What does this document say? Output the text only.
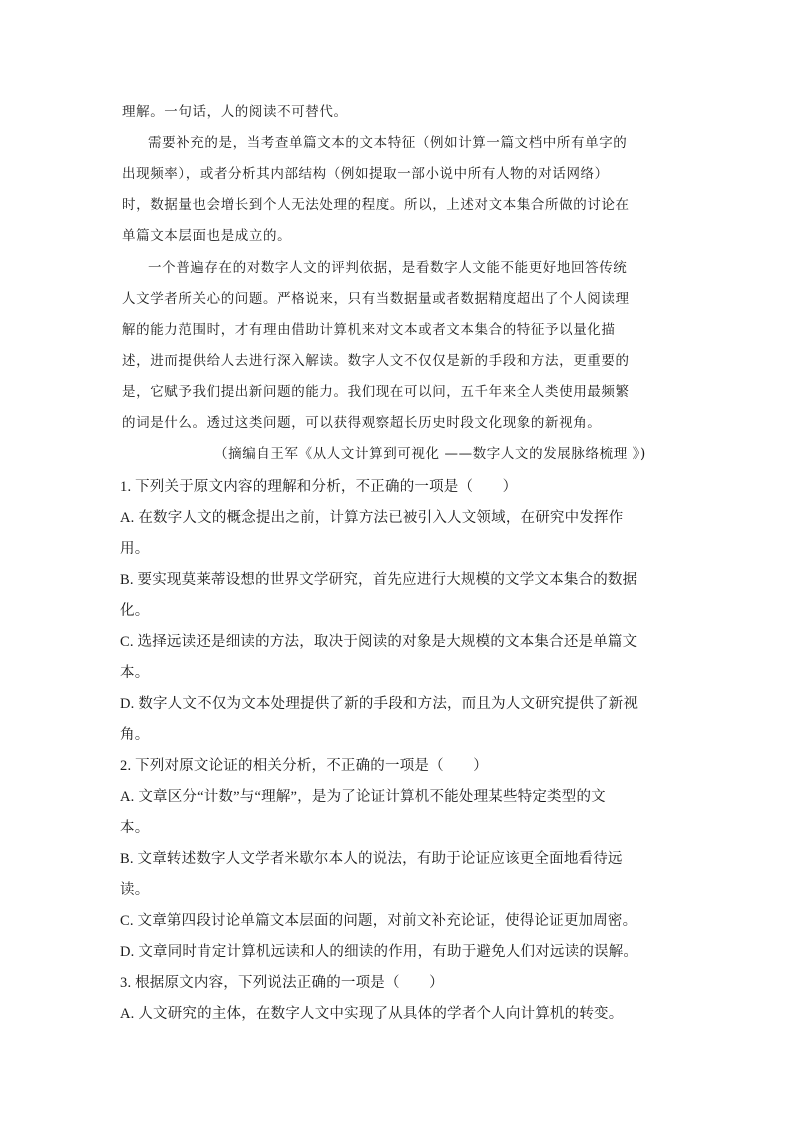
理解。一句话，人的阅读不可替代。
需要补充的是，当考查单篇文本的文本特征（例如计算一篇文档中所有单字的
出现频率），或者分析其内部结构（例如提取一部小说中所有人物的对话网络）
时，数据量也会增长到个人无法处理的程度。所以，上述对文本集合所做的讨论在
单篇文本层面也是成立的。
一个普遍存在的对数字人文的评判依据，是看数字人文能不能更好地回答传统
人文学者所关心的问题。严格说来，只有当数据量或者数据精度超出了个人阅读理
解的能力范围时，才有理由借助计算机来对文本或者文本集合的特征予以量化描
述，进而提供给人去进行深入解读。数字人文不仅仅是新的手段和方法，更重要的
是，它赋予我们提出新问题的能力。我们现在可以问，五千年来全人类使用最频繁
的词是什么。透过这类问题，可以获得观察超长历史时段文化现象的新视角。
（摘编自王军《从人文计算到可视化 ——数字人文的发展脉络梳理 》)
1. 下列关于原文内容的理解和分析，不正确的一项是（　　）
A. 在数字人文的概念提出之前，计算方法已被引入人文领域，在研究中发挥作
用。
B. 要实现莫莱蒂设想的世界文学研究，首先应进行大规模的文学文本集合的数据
化。
C. 选择远读还是细读的方法，取决于阅读的对象是大规模的文本集合还是单篇文
本。
D. 数字人文不仅为文本处理提供了新的手段和方法，而且为人文研究提供了新视
角。
2. 下列对原文论证的相关分析，不正确的一项是（　　）
A. 文章区分“计数”与“理解”，是为了论证计算机不能处理某些特定类型的文
本。
B. 文章转述数字人文学者米歇尔本人的说法，有助于论证应该更全面地看待远
读。
C. 文章第四段讨论单篇文本层面的问题，对前文补充论证，使得论证更加周密。
D. 文章同时肯定计算机远读和人的细读的作用，有助于避免人们对远读的误解。
3. 根据原文内容，下列说法正确的一项是（　　）
A. 人文研究的主体，在数字人文中实现了从具体的学者个人向计算机的转变。
